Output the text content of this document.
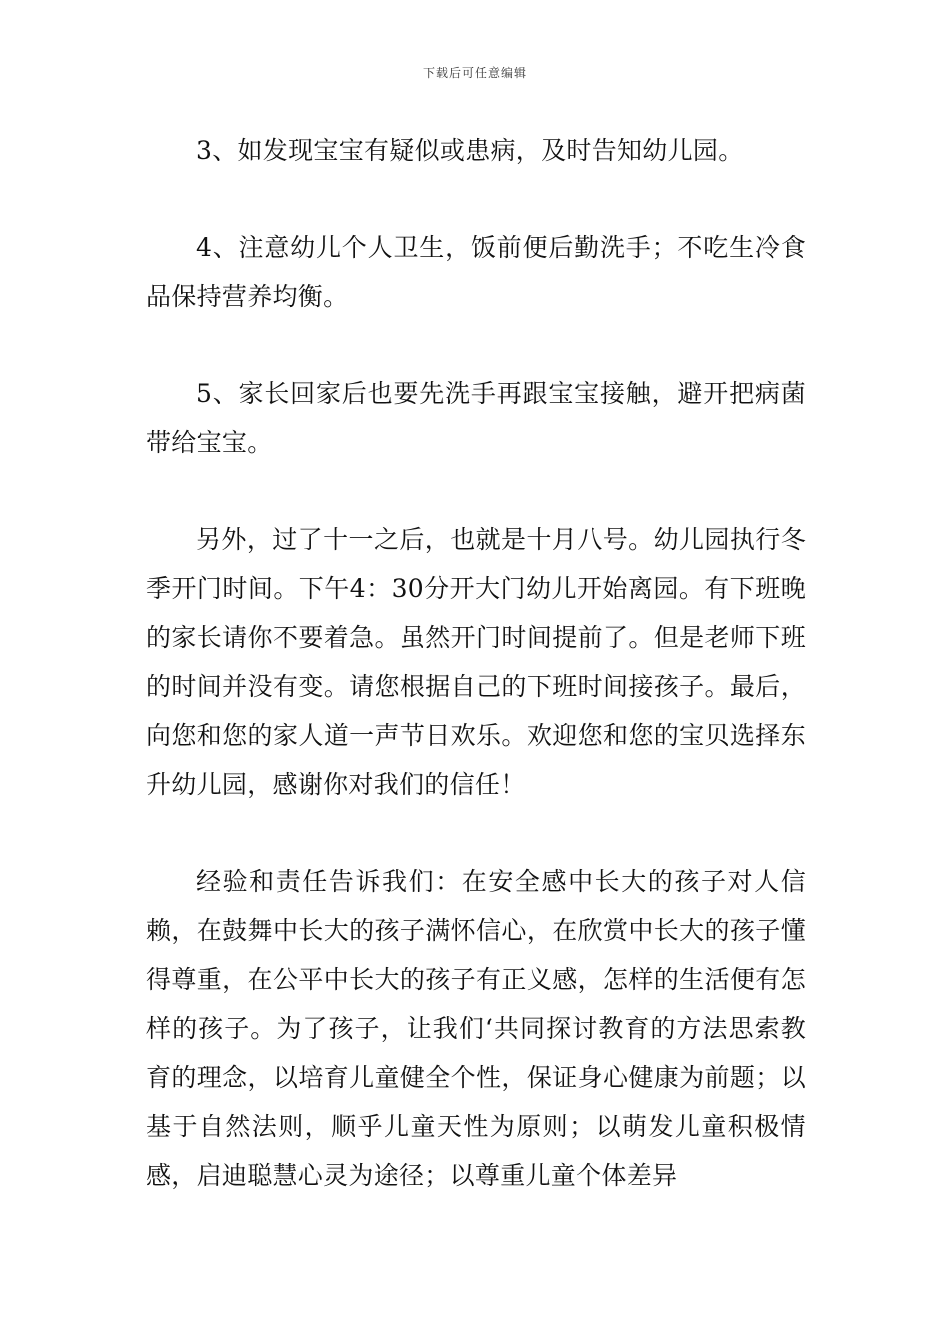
下载后可任意编辑

3、如发现宝宝有疑似或患病，及时告知幼儿园。

4、注意幼儿个人卫生，饭前便后勤洗手；不吃生冷食品保持营养均衡。

5、家长回家后也要先洗手再跟宝宝接触，避开把病菌带给宝宝。

另外，过了十一之后，也就是十月八号。幼儿园执行冬季开门时间。下午4：30分开大门幼儿开始离园。有下班晚的家长请你不要着急。虽然开门时间提前了。但是老师下班的时间并没有变。请您根据自己的下班时间接孩子。最后，向您和您的家人道一声节日欢乐。欢迎您和您的宝贝选择东升幼儿园，感谢你对我们的信任！

经验和责任告诉我们：在安全感中长大的孩子对人信赖，在鼓舞中长大的孩子满怀信心，在欣赏中长大的孩子懂得尊重，在公平中长大的孩子有正义感，怎样的生活便有怎样的孩子。为了孩子，让我们‘共同探讨教育的方法思索教育的理念，以培育儿童健全个性，保证身心健康为前题；以基于自然法则，顺乎儿童天性为原则；以萌发儿童积极情感，启迪聪慧心灵为途径；以尊重儿童个体差异
